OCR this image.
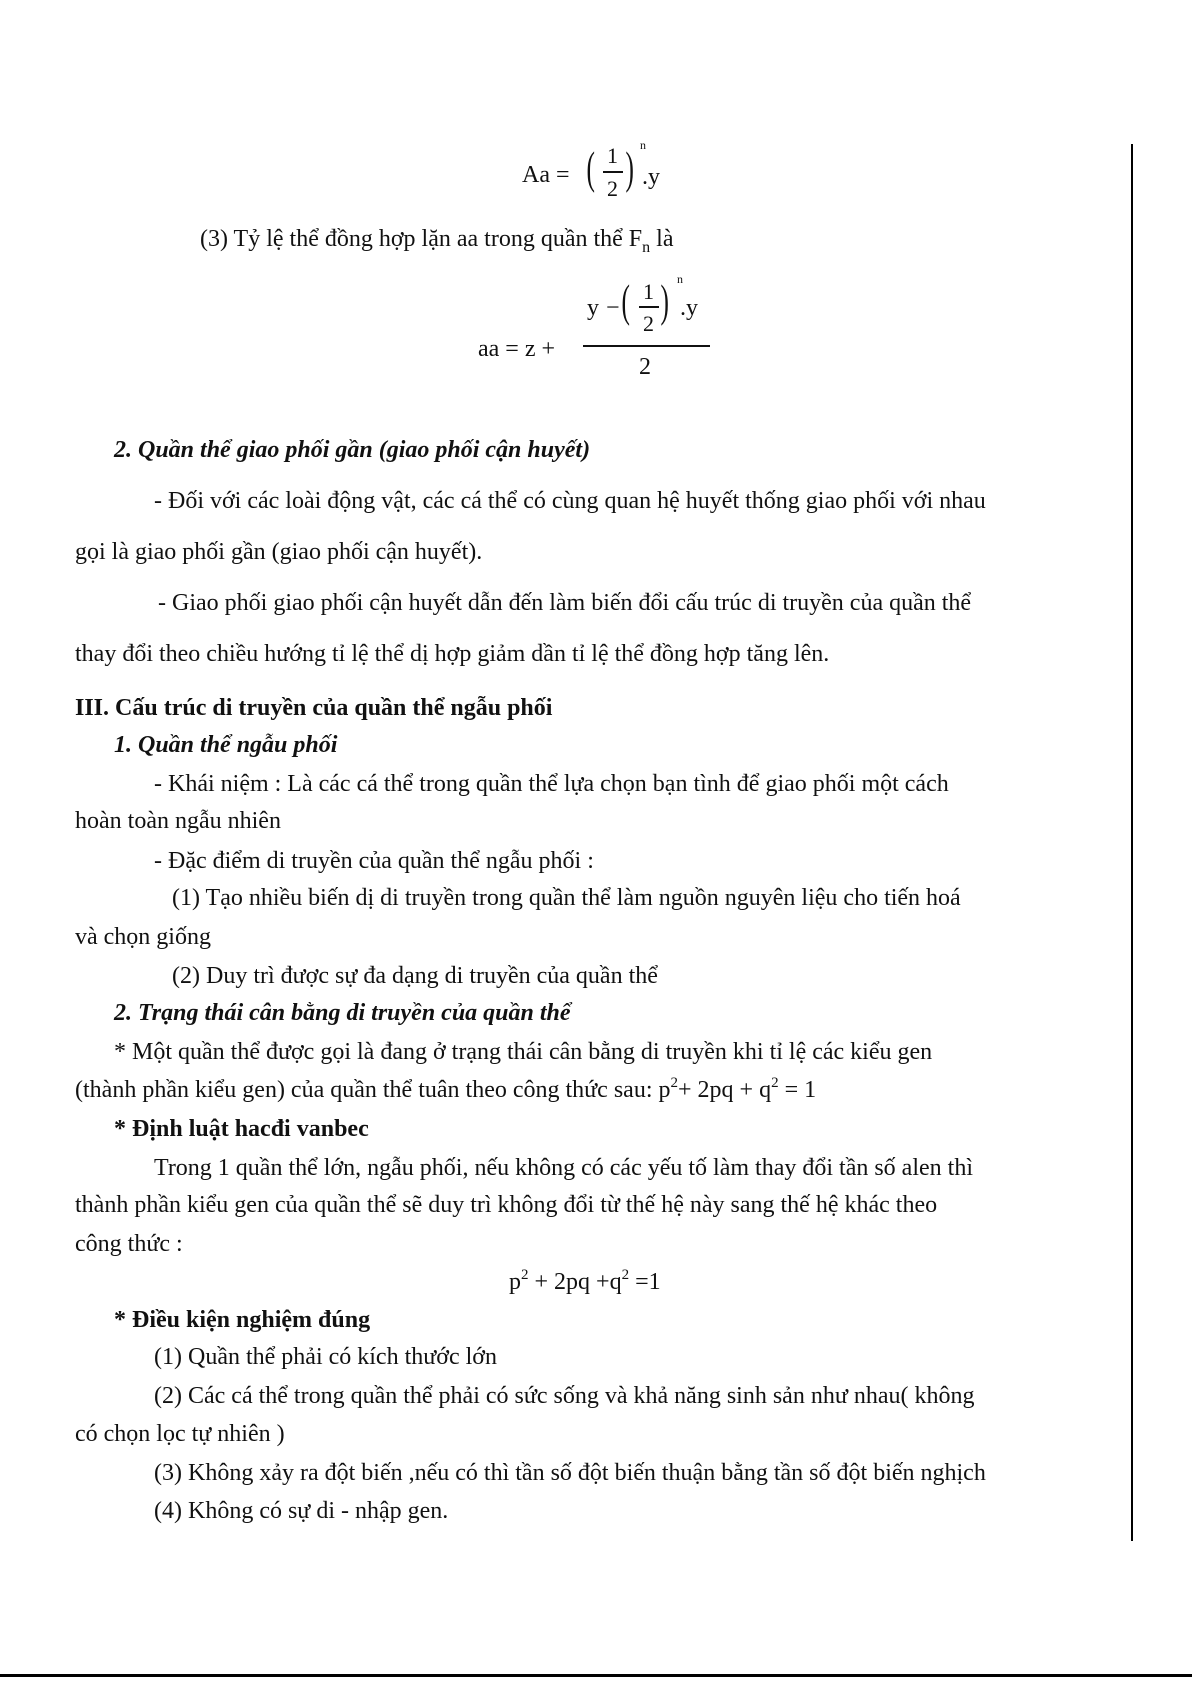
Aa = ( 1
2 ) n
.y
(3) Tỷ lệ thể đồng hợp lặn aa trong quần thể $F_n$ là
aa = z +
y − ( 1
2 ) n
.y
2
2. Quần thể giao phối gần (giao phối cận huyết)
- Đối với các loài động vật, các cá thể có cùng quan hệ huyết thống giao phối với nhau
gọi là giao phối gần (giao phối cận huyết).
- Giao phối giao phối cận huyết dẫn đến làm biến đổi cấu trúc di truyền của quần thể
thay đổi theo chiều hướng tỉ lệ thể dị hợp giảm dần tỉ lệ thể đồng hợp tăng lên.
III. Cấu trúc di truyền của quần thể ngẫu phối
1. Quần thể ngẫu phối
- Khái niệm : Là các cá thể trong quần thể lựa chọn bạn tình để giao phối một cách
hoàn toàn ngẫu nhiên
- Đặc điểm di truyền của quần thể ngẫu phối :
(1) Tạo nhiều biến dị di truyền trong quần thể làm nguồn nguyên liệu cho tiến hoá
và chọn giống
(2) Duy trì được sự đa dạng di truyền của quần thể
2. Trạng thái cân bằng di truyền của quần thể
* Một quần thể được gọi là đang ở trạng thái cân bằng di truyền khi tỉ lệ các kiểu gen
(thành phần kiểu gen) của quần thể tuân theo công thức sau: $p^2+ 2pq + q^2 = 1$
* Định luật hacđi vanbec
Trong 1 quần thể lớn, ngẫu phối, nếu không có các yếu tố làm thay đổi tần số alen thì
thành phần kiểu gen của quần thể sẽ duy trì không đổi từ thế hệ này sang thế hệ khác theo
công thức :
$p^2 + 2pq +q^2 =1$
* Điều kiện nghiệm đúng
(1) Quần thể phải có kích thước lớn
(2) Các cá thể trong quần thể phải có sức sống và khả năng sinh sản như nhau( không
có chọn lọc tự nhiên )
(3) Không xảy ra đột biến ,nếu có thì tần số đột biến thuận bằng tần số đột biến nghịch
(4) Không có sự di - nhập gen.
